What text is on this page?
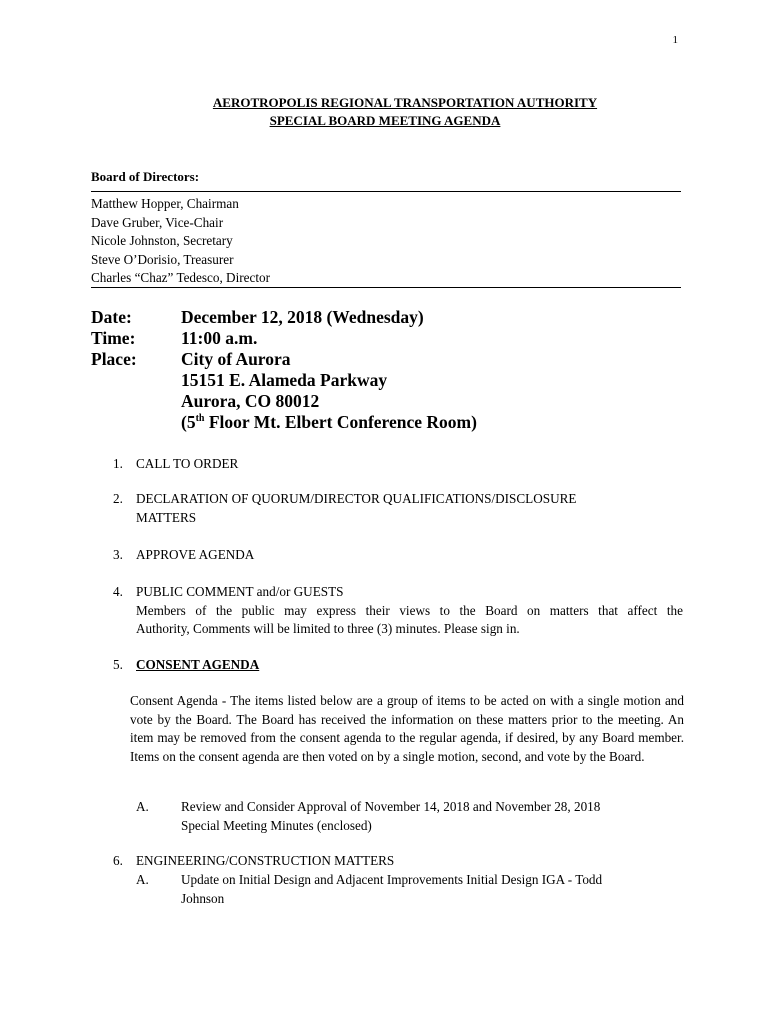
1
AEROTROPOLIS REGIONAL TRANSPORTATION AUTHORITY
SPECIAL BOARD MEETING AGENDA
Board of Directors:
Matthew Hopper, Chairman
Dave Gruber, Vice-Chair
Nicole Johnston, Secretary
Steve O’Dorisio, Treasurer
Charles “Chaz” Tedesco, Director
Date:	December 12, 2018 (Wednesday)
Time:	11:00 a.m.
Place:	City of Aurora
15151 E. Alameda Parkway
Aurora, CO 80012
(5th Floor Mt. Elbert Conference Room)
1. CALL TO ORDER
2. DECLARATION OF QUORUM/DIRECTOR QUALIFICATIONS/DISCLOSURE
MATTERS
3. APPROVE AGENDA
4. PUBLIC COMMENT and/or GUESTS
Members of the public may express their views to the Board on matters that affect the
Authority, Comments will be limited to three (3) minutes. Please sign in.
5. CONSENT AGENDA
Consent Agenda - The items listed below are a group of items to be acted on with a single motion and vote by the Board. The Board has received the information on these matters prior to the meeting. An item may be removed from the consent agenda to the regular agenda, if desired, by any Board member. Items on the consent agenda are then voted on by a single motion, second, and vote by the Board.
A. Review and Consider Approval of November 14, 2018 and November 28, 2018
Special Meeting Minutes (enclosed)
6. ENGINEERING/CONSTRUCTION MATTERS
A. Update on Initial Design and Adjacent Improvements Initial Design IGA - Todd
Johnson
